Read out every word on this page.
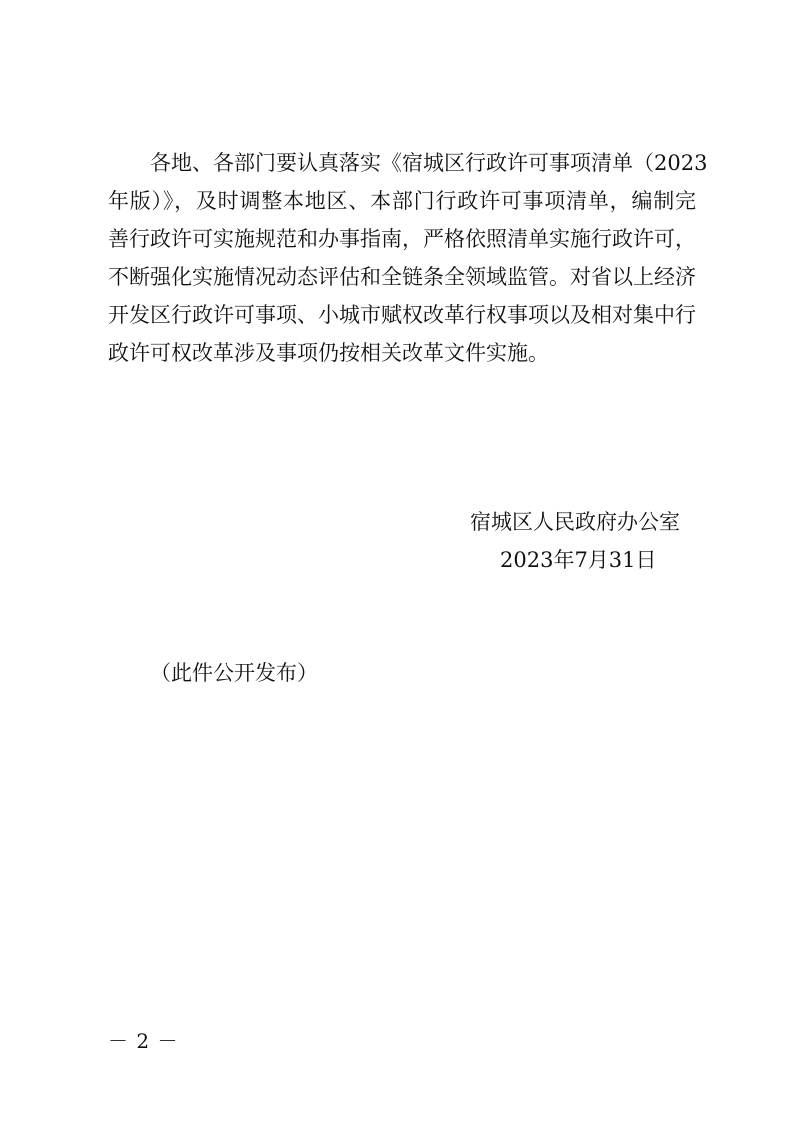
各地、各部门要认真落实《宿城区行政许可事项清单（2023
年版）》，及时调整本地区、本部门行政许可事项清单，编制完
善行政许可实施规范和办事指南，严格依照清单实施行政许可，
不断强化实施情况动态评估和全链条全领域监管。对省以上经济
开发区行政许可事项、小城市赋权改革行权事项以及相对集中行
政许可权改革涉及事项仍按相关改革文件实施。
宿城区人民政府办公室
2023年7月31日
（此件公开发布）
－ 2 －
